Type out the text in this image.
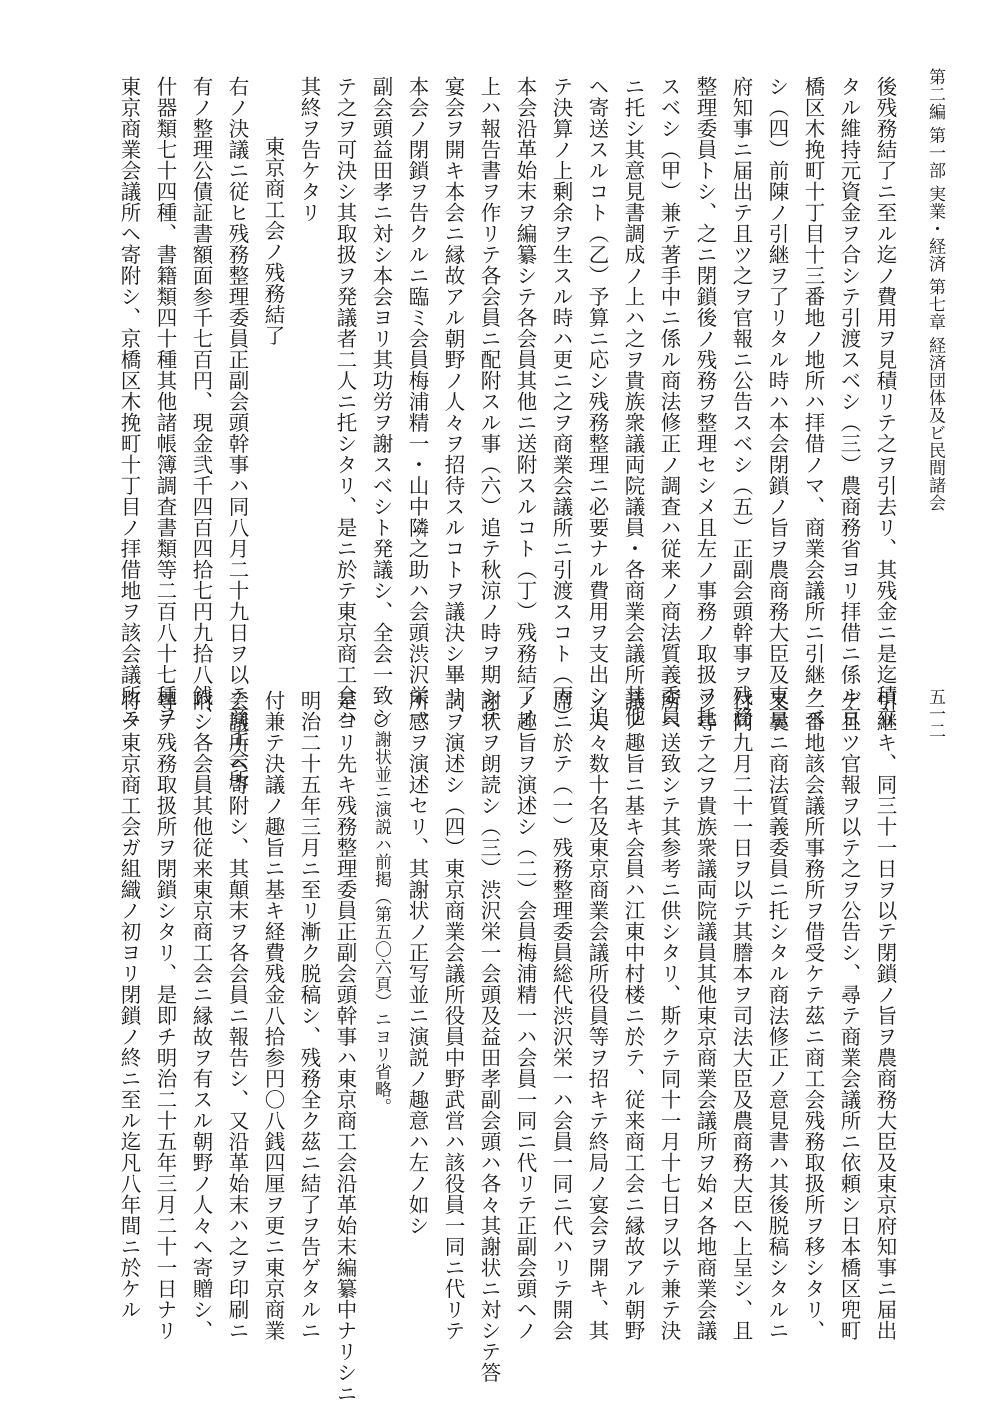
第二編 第一部 実業・経済 第七章 経済団体及ビ民間諸会
五一二
後残務結了ニ至ル迄ノ費用ヲ見積リテ之ヲ引去リ、其残金ニ是迄積立
タル維持元資金ヲ合シテ引渡スベシ（三）農商務省ヨリ拝借ニ係ル京
橋区木挽町十丁目十三番地ノ地所ハ拝借ノマ、商業会議所ニ引継クベ
シ（四）前陳ノ引継ヲ了リタル時ハ本会閉鎖ノ旨ヲ農商務大臣及東京
府知事ニ届出テ且ツ之ヲ官報ニ公告スベシ（五）正副会頭幹事ヲ残務
整理委員トシ、之ニ閉鎖後ノ残務ヲ整理セシメ且左ノ事務ノ取扱ヲ托
スベシ（甲）兼テ著手中ニ係ル商法修正ノ調査ハ従来ノ商法質義委員
ニ托シ其意見書調成ノ上ハ之ヲ貴族衆議両院議員・各商業会議所其他
ヘ寄送スルコト（乙）予算ニ応シ残務整理ニ必要ナル費用ヲ支出シ追
テ決算ノ上剰余ヲ生スル時ハ更ニ之ヲ商業会議所ニ引渡スコト（丙）
本会沿革始末ヲ編纂シテ各会員其他ニ送附スルコト（丁）残務結了ノ
上ハ報告書ヲ作リテ各会員ニ配附スル事（六）追テ秋涼ノ時ヲ期シテ
宴会ヲ開キ本会ニ縁故アル朝野ノ人々ヲ招待スルコトヲ議決シ畢リ、
本会ノ閉鎖ヲ告クルニ臨ミ会員梅浦精一・山中隣之助ハ会頭渋沢栄一
副会頭益田孝ニ対シ本会ヨリ其功労ヲ謝スベシト発議シ、全会一致シ
テ之ヲ可決シ其取扱ヲ発議者二人ニ托シタリ、是ニ於テ東京商工会ハ
其終ヲ告ケタリ
東京商工会ノ残務結了
右ノ決議ニ従ヒ残務整理委員正副会頭幹事ハ同八月二十九日ヲ以テ商工会所
有ノ整理公債証書額面参千七百円、現金弐千四百四拾七円九拾八銭、
什器類七十四種、書籍類四十種其他諸帳簿調査書類等二百八十七種ヲ
東京商業会議所ヘ寄附シ、京橋区木挽町十丁目ノ拝借地ヲ該会議所ニ
引継キ、同三十一日ヲ以テ閉鎖ノ旨ヲ農商務大臣及東京府知事ニ届出
デ且ツ官報ヲ以テ之ヲ公告シ、尋テ商業会議所ニ依頼シ日本橋区兜町
二番地該会議所事務所ヲ借受ケテ茲ニ商工会残務取扱所ヲ移シタリ、
又曩ニ商法質義委員ニ托シタル商法修正ノ意見書ハ其後脱稿シタルニ
付同九月二十一日ヲ以テ其謄本ヲ司法大臣及農商務大臣ヘ上呈シ、且
ツ尋テ之ヲ貴族衆議両院議員其他東京商業会議所ヲ始メ各地商業会議
所ヘ送致シテ其参考ニ供シタリ、斯クテ同十一月十七日ヲ以テ兼テ決
議ノ趣旨ニ基キ会員ハ江東中村楼ニ於テ、従来商工会ニ縁故アル朝野
ノ人々数十名及東京商業会議所役員等ヲ招キテ終局ノ宴会ヲ開キ、其
席ニ於テ（一）残務整理委員総代渋沢栄一ハ会員一同ニ代ハリテ開会
ノ趣旨ヲ演述シ（二）会員梅浦精一ハ会員一同ニ代リテ正副会頭ヘノ
謝状ヲ朗読シ（三）渋沢栄一会頭及益田孝副会頭ハ各々其謝状ニ対シテ答
詞ヲ演述シ（四）東京商業会議所役員中野武営ハ該役員一同ニ代リテ
所感ヲ演述セリ、其謝状ノ正写並ニ演説ノ趣意ハ左ノ如シ
○謝状並ニ演説ハ前掲（第五〇六頁）ニヨリ省略。
是ヨリ先キ残務整理委員正副会頭幹事ハ東京商工会沿革始末編纂中ナリシニ
明治二十五年三月ニ至リ漸ク脱稿シ、残務全ク茲ニ結了ヲ告ゲタルニ
付兼テ決議ノ趣旨ニ基キ経費残金八拾参円〇八銭四厘ヲ更ニ東京商業
会議所ヘ寄附シ、其顛末ヲ各会員ニ報告シ、又沿革始末ハ之ヲ印刷ニ
附シ各会員其他従来東京商工会ニ縁故ヲ有スル朝野ノ人々ヘ寄贈シ、
尋テ残務取扱所ヲ閉鎖シタリ、是即チ明治二十五年三月二十一日ナリ
将タ東京商工会ガ組織ノ初ヨリ閉鎖ノ終ニ至ル迄凡八年間ニ於ケル
